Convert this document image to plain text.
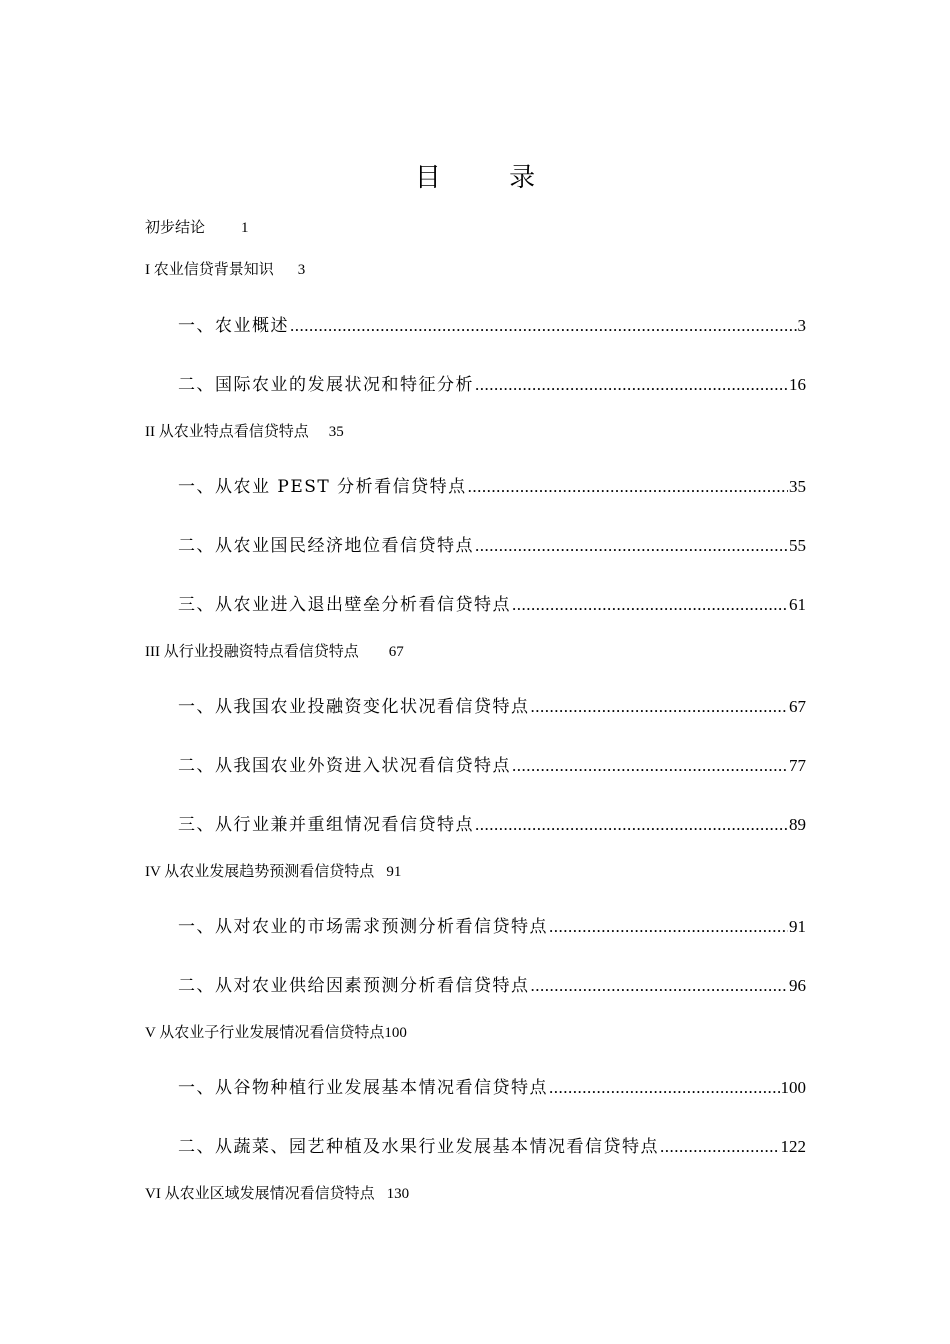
目 录
初步结论 1
I 农业信贷背景知识 3
一、农业概述 .....	3
二、国际农业的发展状况和特征分析 .....	16
II 从农业特点看信贷特点 35
一、从农业 PEST 分析看信贷特点 .....	35
二、从农业国民经济地位看信贷特点 .....	55
三、从农业进入退出壁垒分析看信贷特点 .....	61
III 从行业投融资特点看信贷特点 67
一、从我国农业投融资变化状况看信贷特点 .....	67
二、从我国农业外资进入状况看信贷特点 .....	77
三、从行业兼并重组情况看信贷特点 .....	89
IV 从农业发展趋势预测看信贷特点 91
一、从对农业的市场需求预测分析看信贷特点 .....	91
二、从对农业供给因素预测分析看信贷特点 .....	96
V 从农业子行业发展情况看信贷特点100
一、从谷物种植行业发展基本情况看信贷特点 .....	100
二、从蔬菜、园艺种植及水果行业发展基本情况看信贷特点 .....	122
VI 从农业区域发展情况看信贷特点 130
